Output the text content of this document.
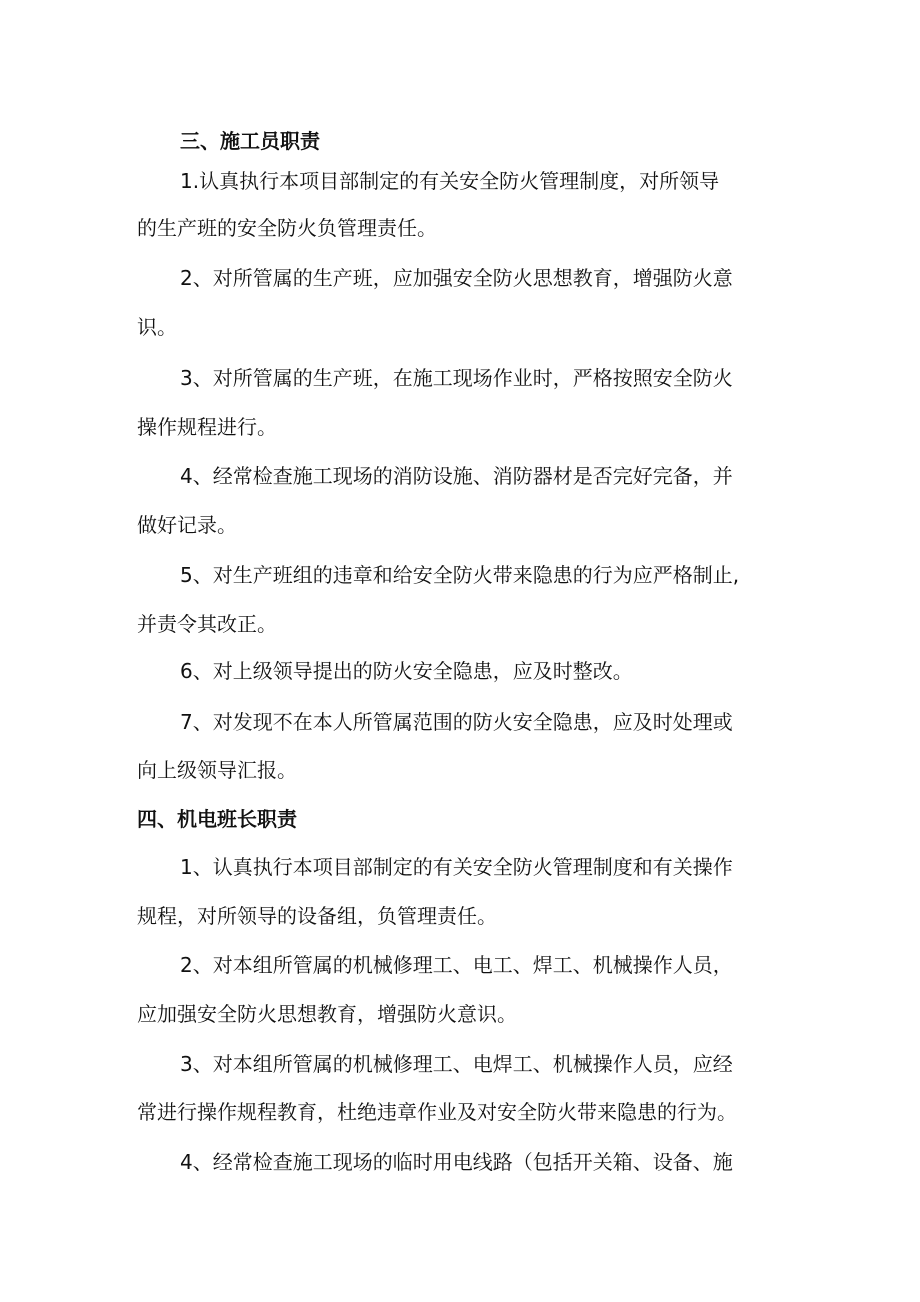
三、施工员职责
1.认真执行本项目部制定的有关安全防火管理制度，对所领导
的生产班的安全防火负管理责任。
2、对所管属的生产班，应加强安全防火思想教育，增强防火意
识。
3、对所管属的生产班，在施工现场作业时，严格按照安全防火
操作规程进行。
4、经常检查施工现场的消防设施、消防器材是否完好完备，并
做好记录。
5、对生产班组的违章和给安全防火带来隐患的行为应严格制止,
并责令其改正。
6、对上级领导提出的防火安全隐患，应及时整改。
7、对发现不在本人所管属范围的防火安全隐患，应及时处理或
向上级领导汇报。
四、机电班长职责
1、认真执行本项目部制定的有关安全防火管理制度和有关操作
规程，对所领导的设备组，负管理责任。
2、对本组所管属的机械修理工、电工、焊工、机械操作人员，
应加强安全防火思想教育，增强防火意识。
3、对本组所管属的机械修理工、电焊工、机械操作人员，应经
常进行操作规程教育，杜绝违章作业及对安全防火带来隐患的行为。
4、经常检查施工现场的临时用电线路（包括开关箱、设备、施
